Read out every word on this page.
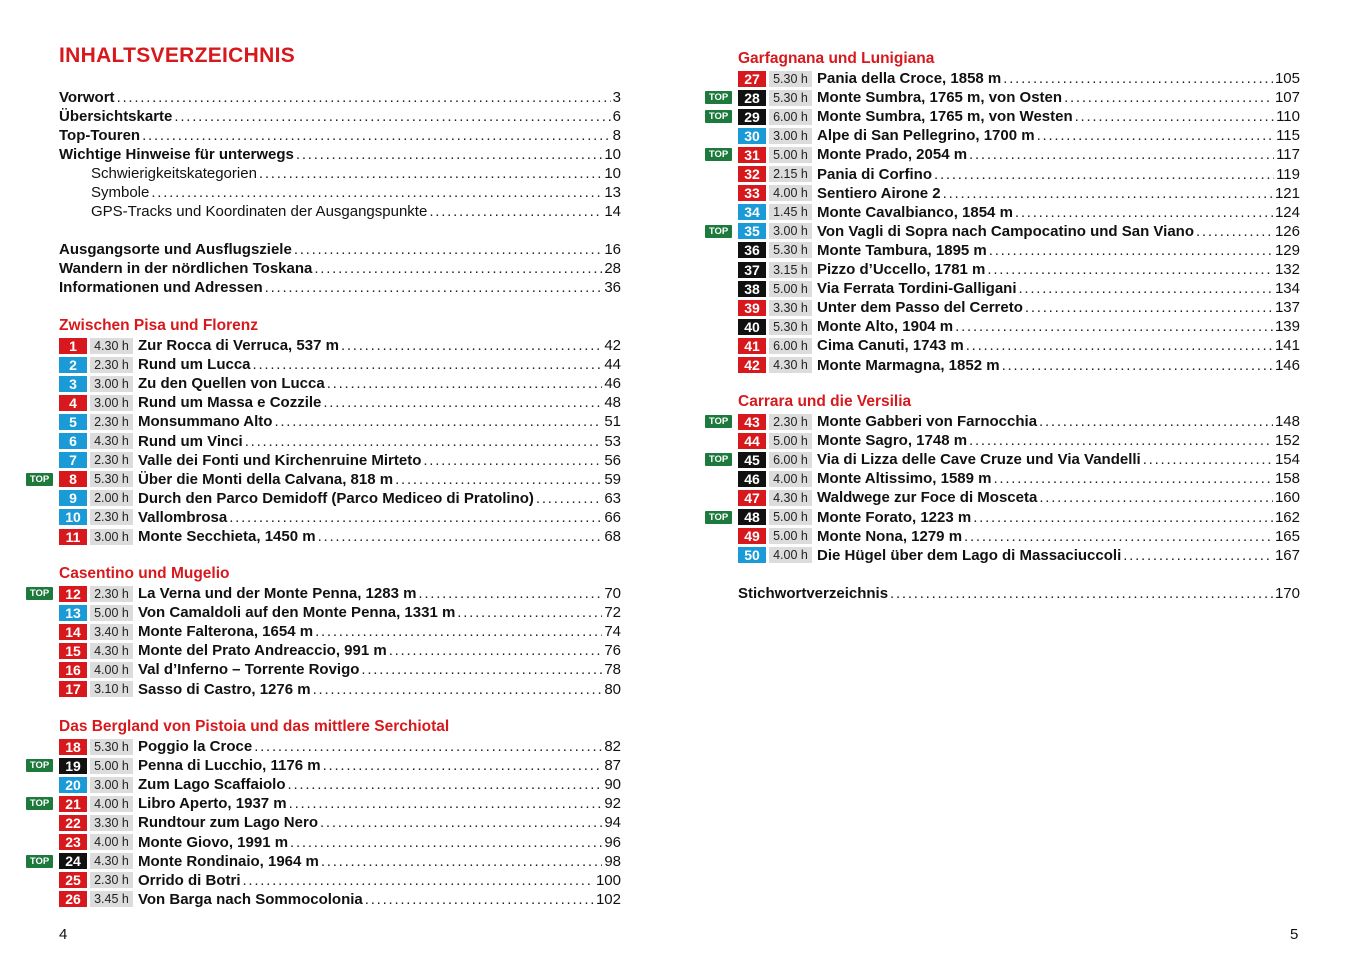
INHALTSVERZEICHNIS
Vorwort . . .	3
Übersichtskarte . . .	6
Top-Touren . . .	8
Wichtige Hinweise für unterwegs . . .	10
Schwierigkeitskategorien . . .	10
Symbole . . .	13
GPS-Tracks und Koordinaten der Ausgangspunkte . . .	14
Ausgangsorte und Ausflugsziele . . .	16
Wandern in der nördlichen Toskana . . .	28
Informationen und Adressen . . .	36
Zwischen Pisa und Florenz
1	4.30 h Zur Rocca di Verruca, 537 m . . .	42
2	2.30 h Rund um Lucca . . .	44
3	3.00 h Zu den Quellen von Lucca . . .	46
4	3.00 h Rund um Massa e Cozzile . . .	48
5	2.30 h Monsummano Alto . . .	51
6	4.30 h Rund um Vinci . . .	53
7	2.30 h Valle dei Fonti und Kirchenruine Mirteto . . .	56
TOP	8	5.30 h Über die Monti della Calvana, 818 m . . .	59
9	2.00 h Durch den Parco Demidoff (Parco Mediceo di Pratolino) . . .	63
10	2.30 h Vallombrosa . . .	66
11	3.00 h Monte Secchieta, 1450 m . . .	68
Casentino und Mugelio
TOP	12	2.30 h La Verna und der Monte Penna, 1283 m . . .	70
13	5.00 h Von Camaldoli auf den Monte Penna, 1331 m . . .	72
14	3.40 h Monte Falterona, 1654 m . . .	74
15	4.30 h Monte del Prato Andreaccio, 991 m . . .	76
16	4.00 h Val d’Inferno – Torrente Rovigo . . .	78
17	3.10 h Sasso di Castro, 1276 m . . .	80
Das Bergland von Pistoia und das mittlere Serchiotal
18	5.30 h Poggio la Croce . . .	82
TOP	19	5.00 h Penna di Lucchio, 1176 m . . .	87
20	3.00 h Zum Lago Scaffaiolo . . .	90
TOP	21	4.00 h Libro Aperto, 1937 m . . .	92
22	3.30 h Rundtour zum Lago Nero . . .	94
23	4.00 h Monte Giovo, 1991 m . . .	96
TOP	24	4.30 h Monte Rondinaio, 1964 m . . .	98
25	2.30 h Orrido di Botri . . .	100
26	3.45 h Von Barga nach Sommocolonia . . .	102
4
Garfagnana und Lunigiana
27	5.30 h Pania della Croce, 1858 m . . .	105
TOP	28	5.30 h Monte Sumbra, 1765 m, von Osten . . .	107
TOP	29	6.00 h Monte Sumbra, 1765 m, von Westen . . .	110
30	3.00 h Alpe di San Pellegrino, 1700 m . . .	115
TOP	31	5.00 h Monte Prado, 2054 m . . .	117
32	2.15 h Pania di Corfino . . .	119
33	4.00 h Sentiero Airone 2 . . .	121
34	1.45 h Monte Cavalbianco, 1854 m . . .	124
TOP	35	3.00 h Von Vagli di Sopra nach Campocatino und San Viano . . .	126
36	5.30 h Monte Tambura, 1895 m . . .	129
37	3.15 h Pizzo d’Uccello, 1781 m . . .	132
38	5.00 h Via Ferrata Tordini-Galligani . . .	134
39	3.30 h Unter dem Passo del Cerreto . . .	137
40	5.30 h Monte Alto, 1904 m . . .	139
41	6.00 h Cima Canuti, 1743 m . . .	141
42	4.30 h Monte Marmagna, 1852 m . . .	146
Carrara und die Versilia
TOP	43	2.30 h Monte Gabberi von Farnocchia . . .	148
44	5.00 h Monte Sagro, 1748 m . . .	152
TOP	45	6.00 h Via di Lizza delle Cave Cruze und Via Vandelli . . .	154
46	4.00 h Monte Altissimo, 1589 m . . .	158
47	4.30 h Waldwege zur Foce di Mosceta . . .	160
TOP	48	5.00 h Monte Forato, 1223 m . . .	162
49	5.00 h Monte Nona, 1279 m . . .	165
50	4.00 h Die Hügel über dem Lago di Massaciuccoli . . .	167
Stichwortverzeichnis . . .	170
5
